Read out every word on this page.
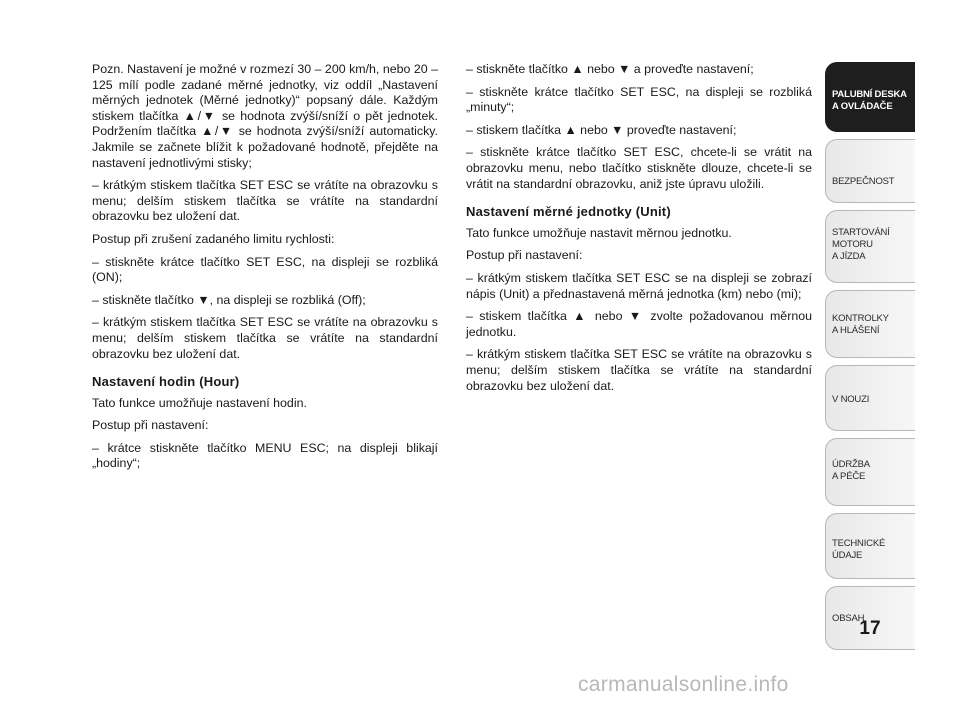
Pozn. Nastavení je možné v rozmezí 30 – 200 km/h, nebo 20 – 125 mílí podle zadané měrné jednotky, viz oddíl „Nastavení měrných jednotek (Měrné jednotky)“ popsaný dále. Každým stiskem tlačítka ▲/▼ se hodnota zvýší/sníží o pět jednotek. Podržením tlačítka ▲/▼ se hodnota zvýší/sníží automaticky. Jakmile se začnete blížit k požadované hodnotě, přejděte na nastavení jednotlivými stisky;

– krátkým stiskem tlačítka SET ESC se vrátíte na obrazovku s menu; delším stiskem tlačítka se vrátíte na standardní obrazovku bez uložení dat.

Postup při zrušení zadaného limitu rychlosti:

– stiskněte krátce tlačítko SET ESC, na displeji se rozbliká (ON);

– stiskněte tlačítko ▼, na displeji se rozbliká (Off);

– krátkým stiskem tlačítka SET ESC se vrátíte na obrazovku s menu; delším stiskem tlačítka se vrátíte na standardní obrazovku bez uložení dat.

Nastavení hodin (Hour)

Tato funkce umožňuje nastavení hodin.

Postup při nastavení:

– krátce stiskněte tlačítko MENU ESC; na displeji blikají „hodiny“;

– stiskněte tlačítko ▲ nebo ▼ a proveďte nastavení;

– stiskněte krátce tlačítko SET ESC, na displeji se rozbliká „minuty“;

– stiskem tlačítka ▲ nebo ▼ proveďte nastavení;

– stiskněte krátce tlačítko SET ESC, chcete-li se vrátit na obrazovku menu, nebo tlačítko stiskněte dlouze, chcete-li se vrátit na standardní obrazovku, aniž jste úpravu uložili.

Nastavení měrné jednotky (Unit)

Tato funkce umožňuje nastavit měrnou jednotku.

Postup při nastavení:

– krátkým stiskem tlačítka SET ESC se na displeji se zobrazí nápis (Unit) a přednastavená měrná jednotka (km) nebo (mi);

– stiskem tlačítka ▲ nebo ▼ zvolte požadovanou měrnou jednotku.

– krátkým stiskem tlačítka SET ESC se vrátíte na obrazovku s menu; delším stiskem tlačítka se vrátíte na standardní obrazovku bez uložení dat.

PALUBNÍ DESKA
A OVLÁDAČE
BEZPEČNOST
STARTOVÁNÍ
MOTORU
A JÍZDA
KONTROLKY
A HLÁŠENÍ
V NOUZI
ÚDRŽBA
A PÉČE
TECHNICKÉ
ÚDAJE
OBSAH
17
carmanualsonline.info
